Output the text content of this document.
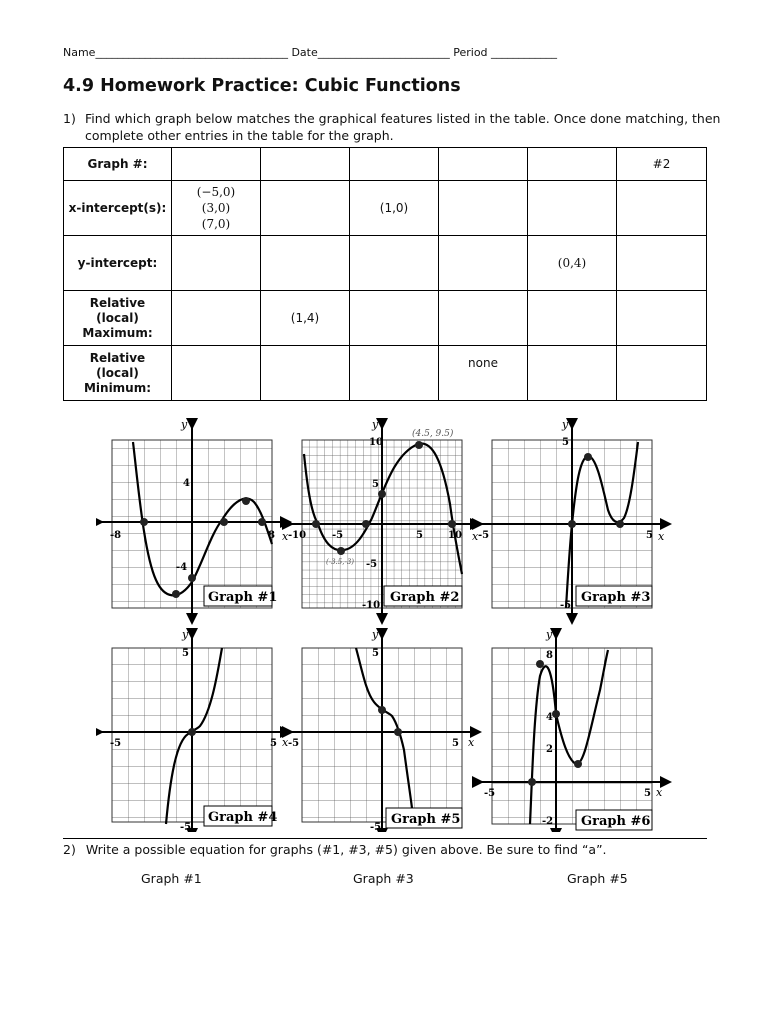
Name___________________________________ Date________________________ Period ____________
4.9 Homework Practice: Cubic Functions
1) Find which graph below matches the graphical features listed in the table. Once done matching, then complete other entries in the table for the graph.
Graph #:						#2
x-intercept(s):	(−5,0)
(3,0)
(7,0)		(1,0)			
y-intercept:					(0,4)	
Relative
(local)
Maximum:		(1,4)				
Relative
(local)
Minimum:				none		
Graph #1
-8	8 x
y
4
-4
(4.5, 9.5)
(-3.5,-3)
Graph #2
-10	-5	5	10 x
y
10
5
-5
-10
Graph #3
-5	5 x
y
5
-5
Graph #4
-5	5 x
y
5
-5
Graph #5
-5	5 x
y
5
-5	Graph #6
-5	5 x
y
8
4
2
-2
2) Write a possible equation for graphs (#1, #3, #5) given above. Be sure to find “a”.
Graph #1	Graph #3	Graph #5
